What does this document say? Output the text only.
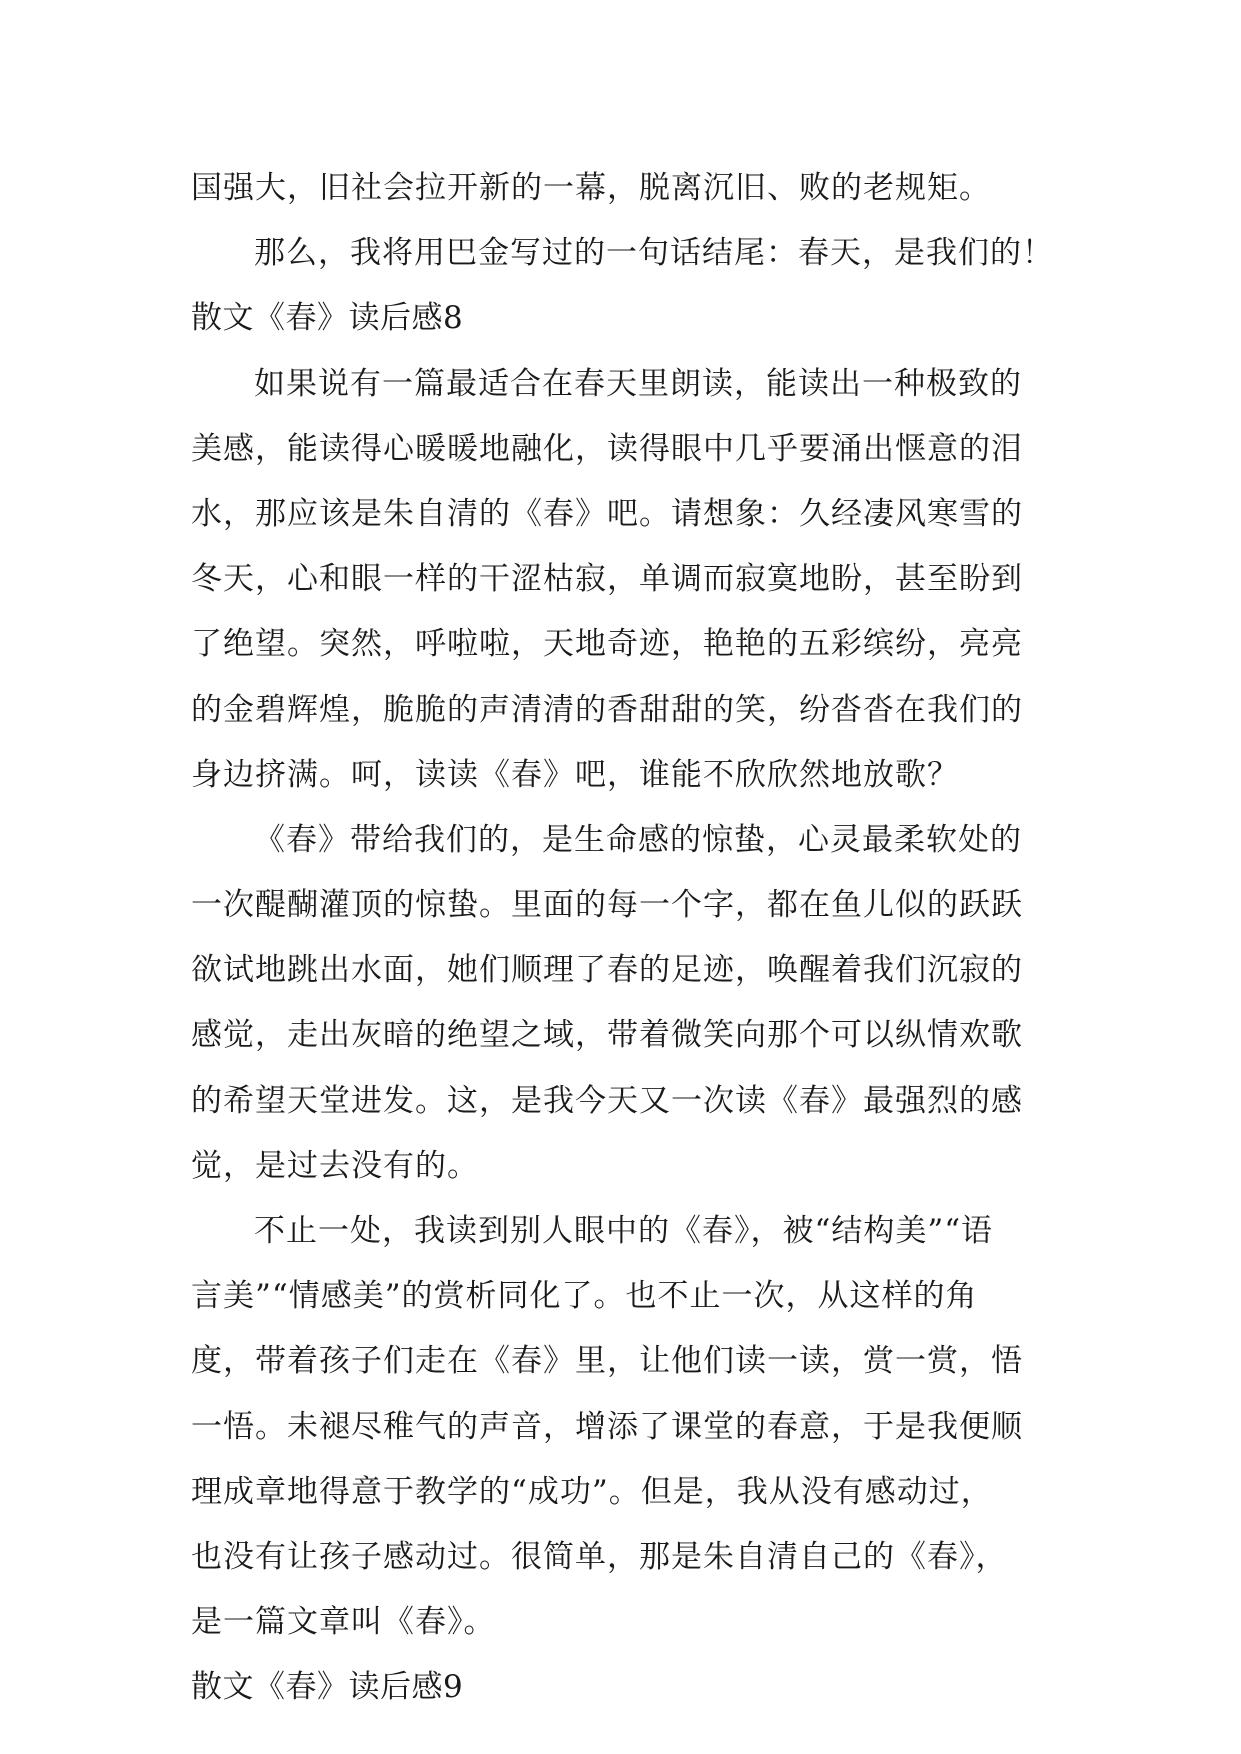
国强大，旧社会拉开新的一幕，脱离沉旧、败的老规矩。
那么，我将用巴金写过的一句话结尾：春天，是我们的！
散文《春》读后感8
如果说有一篇最适合在春天里朗读，能读出一种极致的
美感，能读得心暖暖地融化，读得眼中几乎要涌出惬意的泪
水，那应该是朱自清的《春》吧。请想象：久经凄风寒雪的
冬天，心和眼一样的干涩枯寂，单调而寂寞地盼，甚至盼到
了绝望。突然，呼啦啦，天地奇迹，艳艳的五彩缤纷，亮亮
的金碧辉煌，脆脆的声清清的香甜甜的笑，纷沓沓在我们的
身边挤满。呵，读读《春》吧，谁能不欣欣然地放歌？
《春》带给我们的，是生命感的惊蛰，心灵最柔软处的
一次醍醐灌顶的惊蛰。里面的每一个字，都在鱼儿似的跃跃
欲试地跳出水面，她们顺理了春的足迹，唤醒着我们沉寂的
感觉，走出灰暗的绝望之域，带着微笑向那个可以纵情欢歌
的希望天堂进发。这，是我今天又一次读《春》最强烈的感
觉，是过去没有的。
不止一处，我读到别人眼中的《春》，被“结构美”“语
言美”“情感美”的赏析同化了。也不止一次，从这样的角
度，带着孩子们走在《春》里，让他们读一读，赏一赏，悟
一悟。未褪尽稚气的声音，增添了课堂的春意，于是我便顺
理成章地得意于教学的“成功”。但是，我从没有感动过，
也没有让孩子感动过。很简单，那是朱自清自己的《春》，
是一篇文章叫《春》。
散文《春》读后感9
